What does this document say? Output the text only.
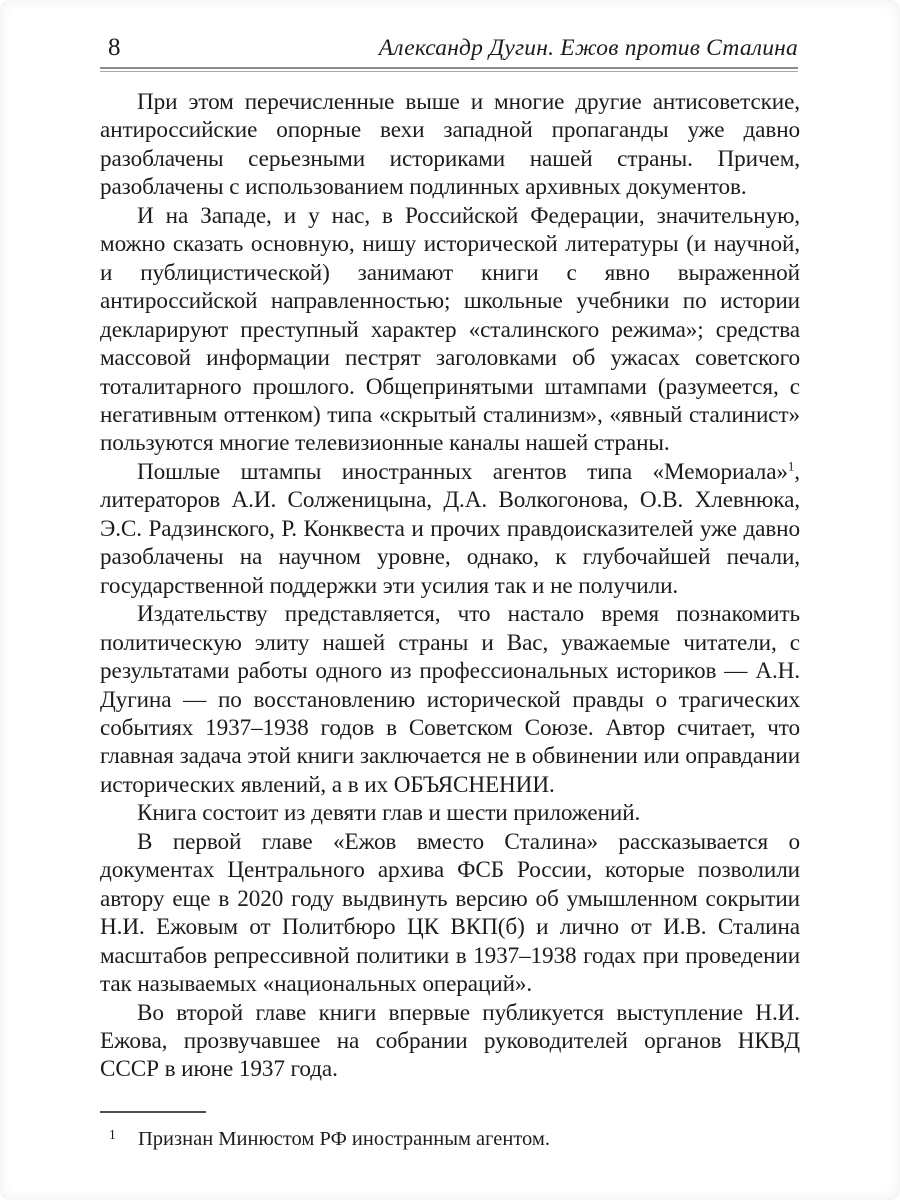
8	Александр Дугин. Ежов против Сталина

При этом перечисленные выше и многие другие антисоветские, антироссийские опорные вехи западной пропаганды уже давно разоблачены серьезными историками нашей страны. Причем, разоблачены с использованием подлинных архивных документов.

И на Западе, и у нас, в Российской Федерации, значительную, можно сказать основную, нишу исторической литературы (и научной, и публицистической) занимают книги с явно выраженной антироссийской направленностью; школьные учебники по истории декларируют преступный характер «сталинского режима»; средства массовой информации пестрят заголовками об ужасах советского тоталитарного прошлого. Общепринятыми штампами (разумеется, с негативным оттенком) типа «скрытый сталинизм», «явный сталинист» пользуются многие телевизионные каналы нашей страны.

Пошлые штампы иностранных агентов типа «Мемориала»$^1$, литераторов А.И. Солженицына, Д.А. Волкогонова, О.В. Хлевнюка, Э.С. Радзинского, Р. Конквеста и прочих правдоисказителей уже давно разоблачены на научном уровне, однако, к глубочайшей печали, государственной поддержки эти усилия так и не получили.

Издательству представляется, что настало время познакомить политическую элиту нашей страны и Вас, уважаемые читатели, с результатами работы одного из профессиональных историков — А.Н. Дугина — по восстановлению исторической правды о трагических событиях 1937–1938 годов в Советском Союзе. Автор считает, что главная задача этой книги заключается не в обвинении или оправдании исторических явлений, а в их ОБЪЯСНЕНИИ.

Книга состоит из девяти глав и шести приложений.

В первой главе «Ежов вместо Сталина» рассказывается о документах Центрального архива ФСБ России, которые позволили автору еще в 2020 году выдвинуть версию об умышленном сокрытии Н.И. Ежовым от Политбюро ЦК ВКП(б) и лично от И.В. Сталина масштабов репрессивной политики в 1937–1938 годах при проведении так называемых «национальных операций».

Во второй главе книги впервые публикуется выступление Н.И. Ежова, прозвучавшее на собрании руководителей органов НКВД СССР в июне 1937 года.

1 Признан Минюстом РФ иностранным агентом.
